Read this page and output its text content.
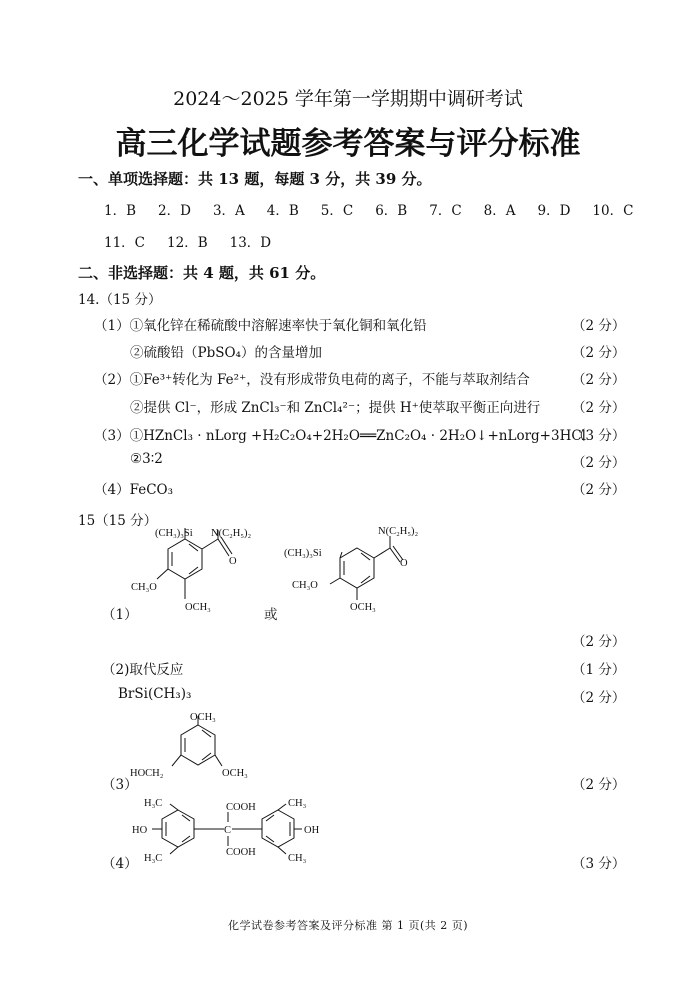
2024～2025 学年第一学期期中调研考试
高三化学试题参考答案与评分标准
一、单项选择题：共 13 题，每题 3 分，共 39 分。
1．B 2．D 3．A 4．B 5．C 6．B 7．C 8．A 9．D 10．C
11．C 12．B 13．D
二、非选择题：共 4 题，共 61 分。
14.（15 分）
（1）①氧化锌在稀硫酸中溶解速率快于氧化铜和氧化铅	（2 分）
②硫酸铅（PbSO₄）的含量增加	（2 分）
（2）①Fe³⁺转化为 Fe²⁺，没有形成带负电荷的离子，不能与萃取剂结合	（2 分）
②提供 Cl⁻，形成 ZnCl₃⁻和 ZnCl₄²⁻；提供 H⁺使萃取平衡正向进行 （2 分）
（3）①HZnCl₃ · nLorg +H₂C₂O₄+2H₂O══ZnC₂O₄ · 2H₂O↓+nLorg+3HCl
（3 分）
②3∶2	（2 分）
（4）FeCO₃	（2 分）
15（15 分）
(CH₃)₃Si N(C₂H₅)₂
O
CH₃O
OCH₃
N(C₂H₅)₂
(CH₃)₃Si
O
CH₃O
OCH₃
（1）	或
（2 分）
（2)取代反应	（1 分）
BrSi(CH₃)₃	（2 分）
OCH₃
HOCH₂	OCH₃
（3）	（2 分）
H₃C
HO
H₃C
COOH
C
COOH
CH₃
OH
CH₃
（4）	（3 分）
化学试卷参考答案及评分标准 第 1 页(共 2 页)
